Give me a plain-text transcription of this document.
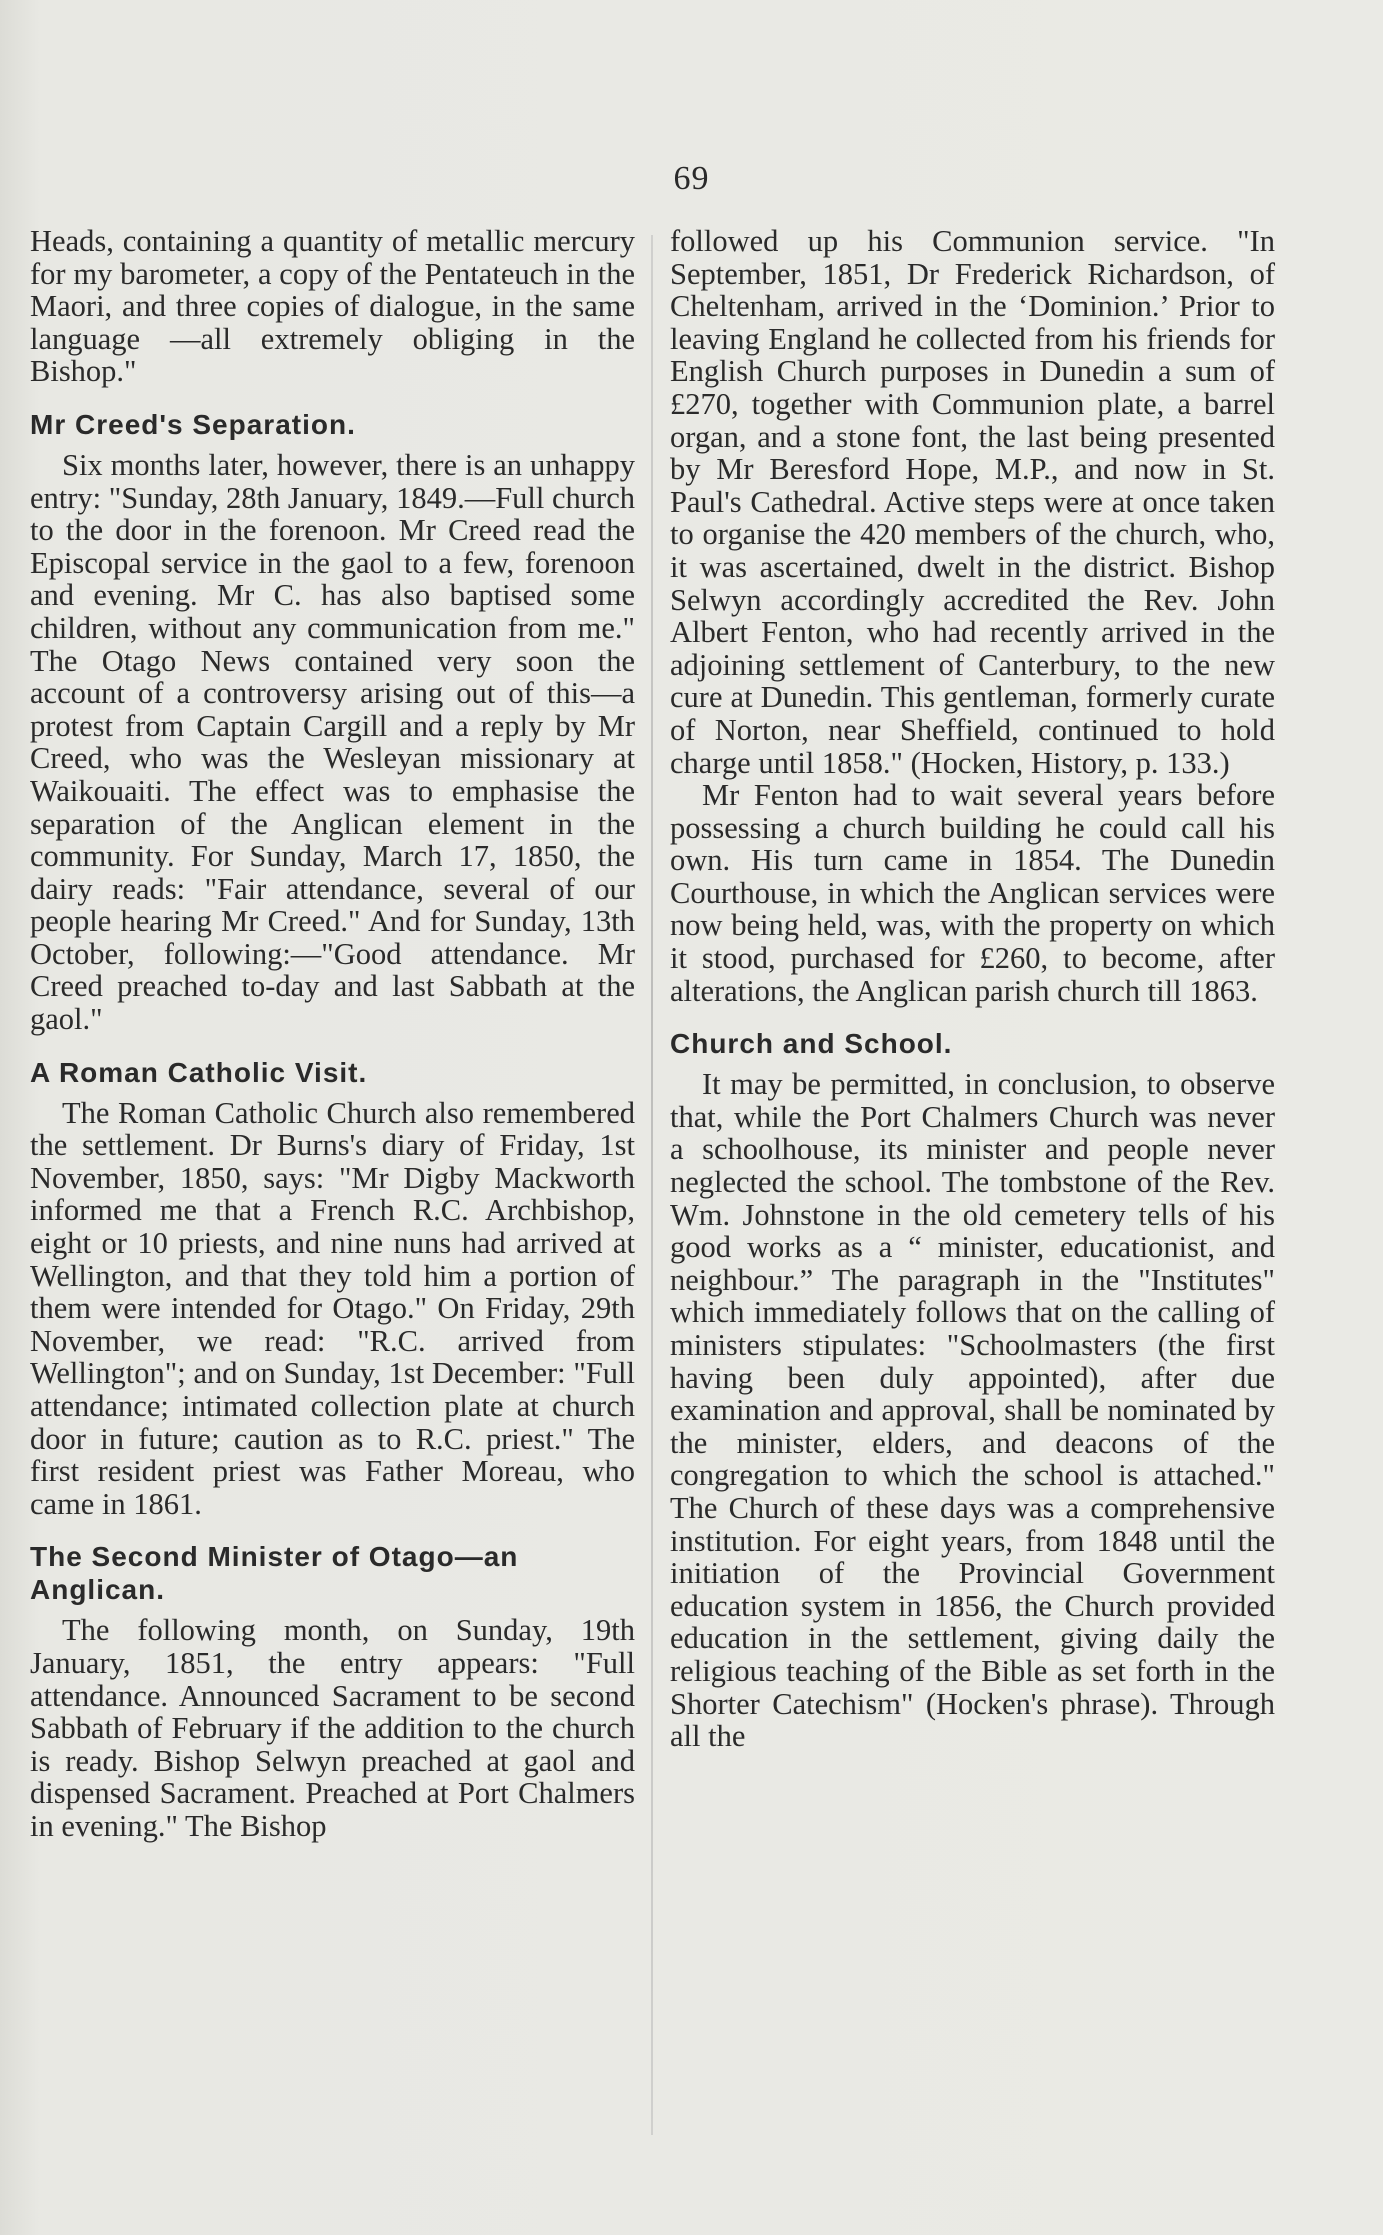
69

Heads, containing a quantity of metallic mercury for my barometer, a copy of the Pentateuch in the Maori, and three copies of dialogue, in the same language —all extremely obliging in the Bishop."

Mr Creed's Separation.

Six months later, however, there is an unhappy entry: "Sunday, 28th January, 1849.—Full church to the door in the forenoon. Mr Creed read the Episcopal service in the gaol to a few, forenoon and evening. Mr C. has also baptised some children, without any communication from me." The Otago News contained very soon the account of a controversy arising out of this—a protest from Captain Cargill and a reply by Mr Creed, who was the Wesleyan missionary at Waikouaiti. The effect was to emphasise the separation of the Anglican element in the community. For Sunday, March 17, 1850, the dairy reads: "Fair attendance, several of our people hearing Mr Creed." And for Sunday, 13th October, following:—"Good attendance. Mr Creed preached to-day and last Sabbath at the gaol."

A Roman Catholic Visit.

The Roman Catholic Church also remembered the settlement. Dr Burns's diary of Friday, 1st November, 1850, says: "Mr Digby Mackworth informed me that a French R.C. Archbishop, eight or 10 priests, and nine nuns had arrived at Wellington, and that they told him a portion of them were intended for Otago." On Friday, 29th November, we read: "R.C. arrived from Wellington"; and on Sunday, 1st December: "Full attendance; intimated collection plate at church door in future; caution as to R.C. priest." The first resident priest was Father Moreau, who came in 1861.

The Second Minister of Otago—an Anglican.

The following month, on Sunday, 19th January, 1851, the entry appears: "Full attendance. Announced Sacrament to be second Sabbath of February if the addition to the church is ready. Bishop Selwyn preached at gaol and dispensed Sacrament. Preached at Port Chalmers in evening." The Bishop

followed up his Communion service. "In September, 1851, Dr Frederick Richardson, of Cheltenham, arrived in the ‘Dominion.’ Prior to leaving England he collected from his friends for English Church purposes in Dunedin a sum of £270, together with Communion plate, a barrel organ, and a stone font, the last being presented by Mr Beresford Hope, M.P., and now in St. Paul's Cathedral. Active steps were at once taken to organise the 420 members of the church, who, it was ascertained, dwelt in the district. Bishop Selwyn accordingly accredited the Rev. John Albert Fenton, who had recently arrived in the adjoining settlement of Canterbury, to the new cure at Dunedin. This gentleman, formerly curate of Norton, near Sheffield, continued to hold charge until 1858." (Hocken, History, p. 133.)

Mr Fenton had to wait several years before possessing a church building he could call his own. His turn came in 1854. The Dunedin Courthouse, in which the Anglican services were now being held, was, with the property on which it stood, purchased for £260, to become, after alterations, the Anglican parish church till 1863.

Church and School.

It may be permitted, in conclusion, to observe that, while the Port Chalmers Church was never a schoolhouse, its minister and people never neglected the school. The tombstone of the Rev. Wm. Johnstone in the old cemetery tells of his good works as a “ minister, educationist, and neighbour.” The paragraph in the "Institutes" which immediately follows that on the calling of ministers stipulates: "Schoolmasters (the first having been duly appointed), after due examination and approval, shall be nominated by the minister, elders, and deacons of the congregation to which the school is attached." The Church of these days was a comprehensive institution. For eight years, from 1848 until the initiation of the Provincial Government education system in 1856, the Church provided education in the settlement, giving daily the religious teaching of the Bible as set forth in the Shorter Catechism" (Hocken's phrase). Through all the
